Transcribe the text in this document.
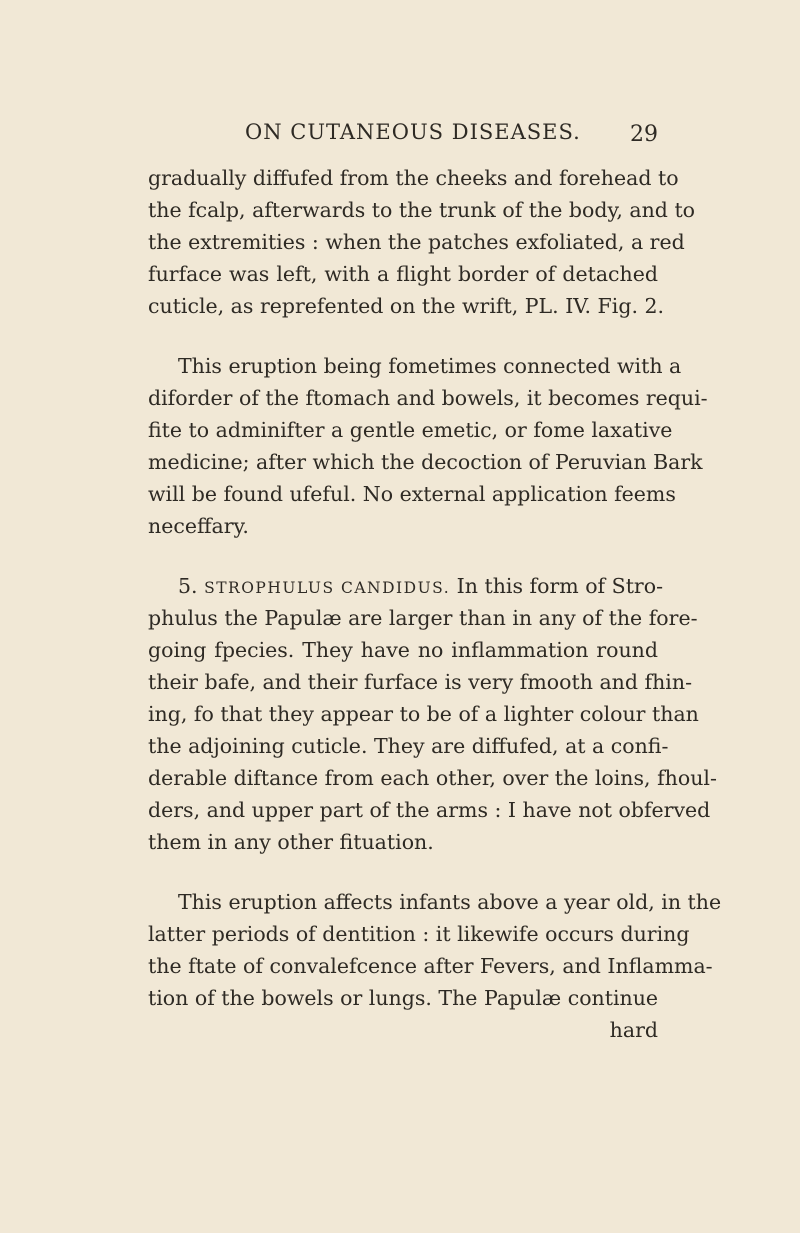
ON CUTANEOUS DISEASES. 29

gradually diffufed from the cheeks and forehead to
the fcalp, afterwards to the trunk of the body, and to
the extremities : when the patches exfoliated, a red
furface was left, with a flight border of detached
cuticle, as reprefented on the wrift, PL. IV. Fig. 2.

This eruption being fometimes connected with a
diforder of the ftomach and bowels, it becomes requi-
fite to adminifter a gentle emetic, or fome laxative
medicine; after which the decoction of Peruvian Bark
will be found ufeful. No external application feems
neceffary.

5. STROPHULUS CANDIDUS. In this form of Stro-
phulus the Papulæ are larger than in any of the fore-
going fpecies. They have no inflammation round
their bafe, and their furface is very fmooth and fhin-
ing, fo that they appear to be of a lighter colour than
the adjoining cuticle. They are diffufed, at a confi-
derable diftance from each other, over the loins, fhoul-
ders, and upper part of the arms : I have not obferved
them in any other fituation.

This eruption affects infants above a year old, in the
latter periods of dentition : it likewife occurs during
the ftate of convalefcence after Fevers, and Inflamma-
tion of the bowels or lungs. The Papulæ continue
hard
